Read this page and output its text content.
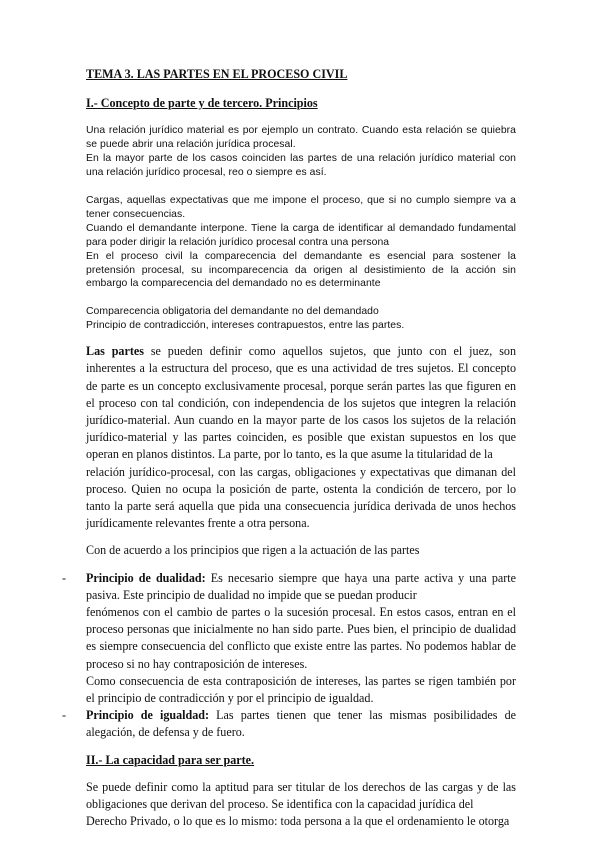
TEMA 3. LAS PARTES EN EL PROCESO CIVIL
I.- Concepto de parte y de tercero. Principios

Una relación jurídico material es por ejemplo un contrato. Cuando esta relación se quiebra se puede abrir una relación jurídica procesal.

En la mayor parte de los casos coinciden las partes de una relación jurídico material con una relación jurídico procesal, reo o siempre es así.

Cargas, aquellas expectativas que me impone el proceso, que si no cumplo siempre va a tener consecuencias.

Cuando el demandante interpone. Tiene la carga de identificar al demandado fundamental para poder dirigir la relación jurídico procesal contra una persona

En el proceso civil la comparecencia del demandante es esencial para sostener la pretensión procesal, su incomparecencia da origen al desistimiento de la acción sin embargo la comparecencia del demandado no es determinante

Comparecencia obligatoria del demandante no del demandado

Principio de contradicción, intereses contrapuestos, entre las partes.

Las partes se pueden definir como aquellos sujetos, que junto con el juez, son inherentes a la estructura del proceso, que es una actividad de tres sujetos. El concepto de parte es un concepto exclusivamente procesal, porque serán partes las que figuren en el proceso con tal condición, con independencia de los sujetos que integren la relación jurídico-material. Aun cuando en la mayor parte de los casos los sujetos de la relación jurídico-material y las partes coinciden, es posible que existan supuestos en los que operan en planos distintos. La parte, por lo tanto, es la que asume la titularidad de la

relación jurídico-procesal, con las cargas, obligaciones y expectativas que dimanan del proceso. Quien no ocupa la posición de parte, ostenta la condición de tercero, por lo tanto la parte será aquella que pida una consecuencia jurídica derivada de unos hechos jurídicamente relevantes frente a otra persona.

Con de acuerdo a los principios que rigen a la actuación de las partes
- Principio de dualidad: Es necesario siempre que haya una parte activa y una parte pasiva. Este principio de dualidad no impide que se puedan producir

fenómenos con el cambio de partes o la sucesión procesal. En estos casos, entran en el proceso personas que inicialmente no han sido parte. Pues bien, el principio de dualidad es siempre consecuencia del conflicto que existe entre las partes. No podemos hablar de proceso si no hay contraposición de intereses.

Como consecuencia de esta contraposición de intereses, las partes se rigen también por el principio de contradicción y por el principio de igualdad.

- Principio de igualdad: Las partes tienen que tener las mismas posibilidades de alegación, de defensa y de fuero.

II.- La capacidad para ser parte.

Se puede definir como la aptitud para ser titular de los derechos de las cargas y de las obligaciones que derivan del proceso. Se identifica con la capacidad jurídica del

Derecho Privado, o lo que es lo mismo: toda persona a la que el ordenamiento le otorga
